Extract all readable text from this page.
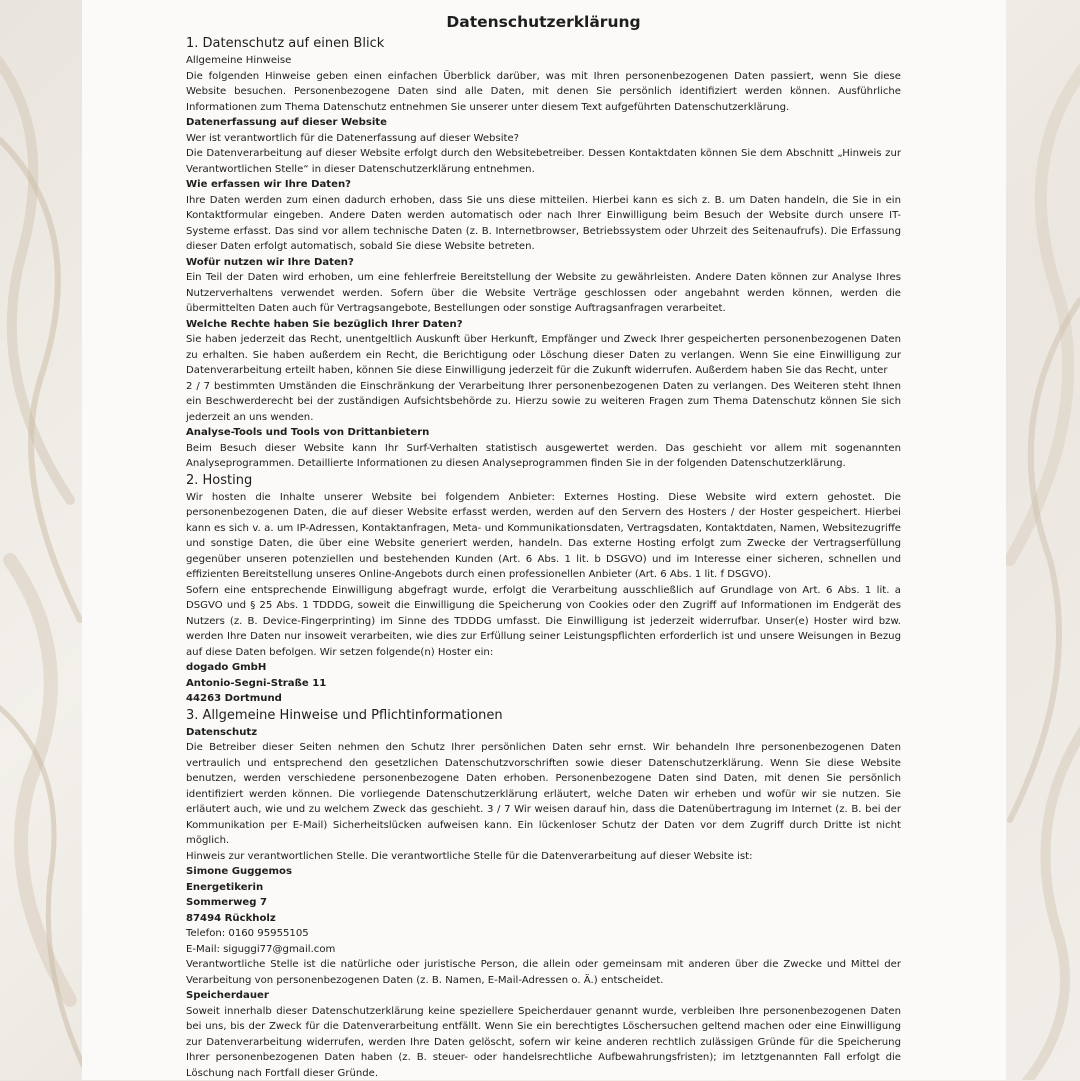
Datenschutzerklärung
1. Datenschutz auf einen Blick
Allgemeine Hinweise

Die folgenden Hinweise geben einen einfachen Überblick darüber, was mit Ihren personenbezogenen Daten passiert, wenn Sie diese Website besuchen. Personenbezogene Daten sind alle Daten, mit denen Sie persönlich identifiziert werden können. Ausführliche Informationen zum Thema Datenschutz entnehmen Sie unserer unter diesem Text aufgeführten Datenschutzerklärung.

Datenerfassung auf dieser Website
Wer ist verantwortlich für die Datenerfassung auf dieser Website?

Die Datenverarbeitung auf dieser Website erfolgt durch den Websitebetreiber. Dessen Kontaktdaten können Sie dem Abschnitt „Hinweis zur Verantwortlichen Stelle“ in dieser Datenschutzerklärung entnehmen.

Wie erfassen wir Ihre Daten?

Ihre Daten werden zum einen dadurch erhoben, dass Sie uns diese mitteilen. Hierbei kann es sich z. B. um Daten handeln, die Sie in ein Kontaktformular eingeben. Andere Daten werden automatisch oder nach Ihrer Einwilligung beim Besuch der Website durch unsere IT-Systeme erfasst. Das sind vor allem technische Daten (z. B. Internetbrowser, Betriebssystem oder Uhrzeit des Seitenaufrufs). Die Erfassung dieser Daten erfolgt automatisch, sobald Sie diese Website betreten.

Wofür nutzen wir Ihre Daten?

Ein Teil der Daten wird erhoben, um eine fehlerfreie Bereitstellung der Website zu gewährleisten. Andere Daten können zur Analyse Ihres Nutzerverhaltens verwendet werden. Sofern über die Website Verträge geschlossen oder angebahnt werden können, werden die übermittelten Daten auch für Vertragsangebote, Bestellungen oder sonstige Auftragsanfragen verarbeitet.

Welche Rechte haben Sie bezüglich Ihrer Daten?

Sie haben jederzeit das Recht, unentgeltlich Auskunft über Herkunft, Empfänger und Zweck Ihrer gespeicherten personenbezogenen Daten zu erhalten. Sie haben außerdem ein Recht, die Berichtigung oder Löschung dieser Daten zu verlangen. Wenn Sie eine Einwilligung zur Datenverarbeitung erteilt haben, können Sie diese Einwilligung jederzeit für die Zukunft widerrufen. Außerdem haben Sie das Recht, unter

2 / 7 bestimmten Umständen die Einschränkung der Verarbeitung Ihrer personenbezogenen Daten zu verlangen. Des Weiteren steht Ihnen ein Beschwerderecht bei der zuständigen Aufsichtsbehörde zu. Hierzu sowie zu weiteren Fragen zum Thema Datenschutz können Sie sich jederzeit an uns wenden.

Analyse-Tools und Tools von Drittanbietern

Beim Besuch dieser Website kann Ihr Surf-Verhalten statistisch ausgewertet werden. Das geschieht vor allem mit sogenannten Analyseprogrammen. Detaillierte Informationen zu diesen Analyseprogrammen finden Sie in der folgenden Datenschutzerklärung.

2. Hosting

Wir hosten die Inhalte unserer Website bei folgendem Anbieter: Externes Hosting. Diese Website wird extern gehostet. Die personenbezogenen Daten, die auf dieser Website erfasst werden, werden auf den Servern des Hosters / der Hoster gespeichert. Hierbei kann es sich v. a. um IP-Adressen, Kontaktanfragen, Meta- und Kommunikationsdaten, Vertragsdaten, Kontaktdaten, Namen, Websitezugriffe und sonstige Daten, die über eine Website generiert werden, handeln. Das externe Hosting erfolgt zum Zwecke der Vertragserfüllung gegenüber unseren potenziellen und bestehenden Kunden (Art. 6 Abs. 1 lit. b DSGVO) und im Interesse einer sicheren, schnellen und effizienten Bereitstellung unseres Online-Angebots durch einen professionellen Anbieter (Art. 6 Abs. 1 lit. f DSGVO).

Sofern eine entsprechende Einwilligung abgefragt wurde, erfolgt die Verarbeitung ausschließlich auf Grundlage von Art. 6 Abs. 1 lit. a DSGVO und § 25 Abs. 1 TDDDG, soweit die Einwilligung die Speicherung von Cookies oder den Zugriff auf Informationen im Endgerät des Nutzers (z. B. Device-Fingerprinting) im Sinne des TDDDG umfasst. Die Einwilligung ist jederzeit widerrufbar. Unser(e) Hoster wird bzw. werden Ihre Daten nur insoweit verarbeiten, wie dies zur Erfüllung seiner Leistungspflichten erforderlich ist und unsere Weisungen in Bezug auf diese Daten befolgen. Wir setzen folgende(n) Hoster ein:

dogado GmbH
Antonio-Segni-Straße 11
44263 Dortmund
3. Allgemeine Hinweise und Pflichtinformationen
Datenschutz

Die Betreiber dieser Seiten nehmen den Schutz Ihrer persönlichen Daten sehr ernst. Wir behandeln Ihre personenbezogenen Daten vertraulich und entsprechend den gesetzlichen Datenschutzvorschriften sowie dieser Datenschutzerklärung. Wenn Sie diese Website benutzen, werden verschiedene personenbezogene Daten erhoben. Personenbezogene Daten sind Daten, mit denen Sie persönlich identifiziert werden können. Die vorliegende Datenschutzerklärung erläutert, welche Daten wir erheben und wofür wir sie nutzen. Sie erläutert auch, wie und zu welchem Zweck das geschieht. 3 / 7 Wir weisen darauf hin, dass die Datenübertragung im Internet (z. B. bei der Kommunikation per E-Mail) Sicherheitslücken aufweisen kann. Ein lückenloser Schutz der Daten vor dem Zugriff durch Dritte ist nicht möglich.

Hinweis zur verantwortlichen Stelle. Die verantwortliche Stelle für die Datenverarbeitung auf dieser Website ist:
Simone Guggemos
Energetikerin
Sommerweg 7
87494 Rückholz
Telefon: 0160 95955105
E-Mail: siguggi77@gmail.com

Verantwortliche Stelle ist die natürliche oder juristische Person, die allein oder gemeinsam mit anderen über die Zwecke und Mittel der Verarbeitung von personenbezogenen Daten (z. B. Namen, E-Mail-Adressen o. Ä.) entscheidet.

Speicherdauer

Soweit innerhalb dieser Datenschutzerklärung keine speziellere Speicherdauer genannt wurde, verbleiben Ihre personenbezogenen Daten bei uns, bis der Zweck für die Datenverarbeitung entfällt. Wenn Sie ein berechtigtes Löschersuchen geltend machen oder eine Einwilligung zur Datenverarbeitung widerrufen, werden Ihre Daten gelöscht, sofern wir keine anderen rechtlich zulässigen Gründe für die Speicherung Ihrer personenbezogenen Daten haben (z. B. steuer- oder handelsrechtliche Aufbewahrungsfristen); im letztgenannten Fall erfolgt die Löschung nach Fortfall dieser Gründe.
